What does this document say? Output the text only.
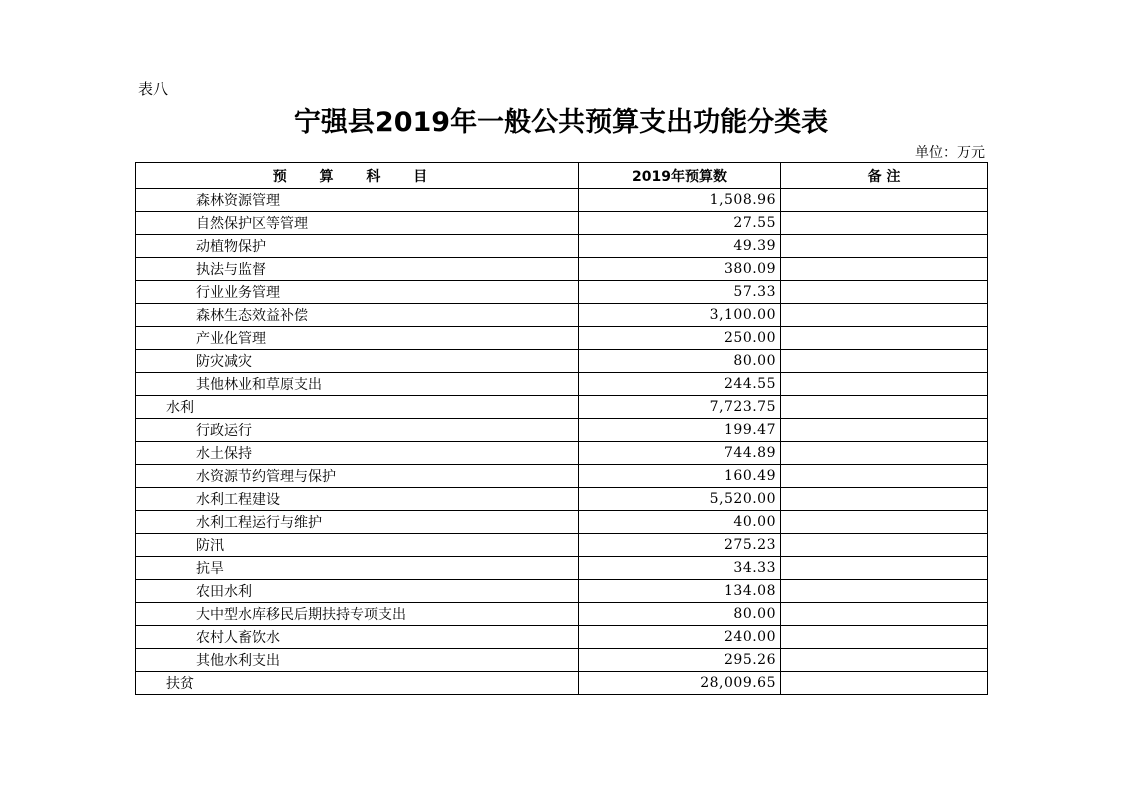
表八
宁强县2019年一般公共预算支出功能分类表
单位：万元
预 算 科 目	2019年预算数	备 注
森林资源管理	1,508.96	
自然保护区等管理	27.55	
动植物保护	49.39	
执法与监督	380.09	
行业业务管理	57.33	
森林生态效益补偿	3,100.00	
产业化管理	250.00	
防灾减灾	80.00	
其他林业和草原支出	244.55	
水利	7,723.75	
行政运行	199.47	
水土保持	744.89	
水资源节约管理与保护	160.49	
水利工程建设	5,520.00	
水利工程运行与维护	40.00	
防汛	275.23	
抗旱	34.33	
农田水利	134.08	
大中型水库移民后期扶持专项支出	80.00	
农村人畜饮水	240.00	
其他水利支出	295.26	
扶贫	28,009.65	
